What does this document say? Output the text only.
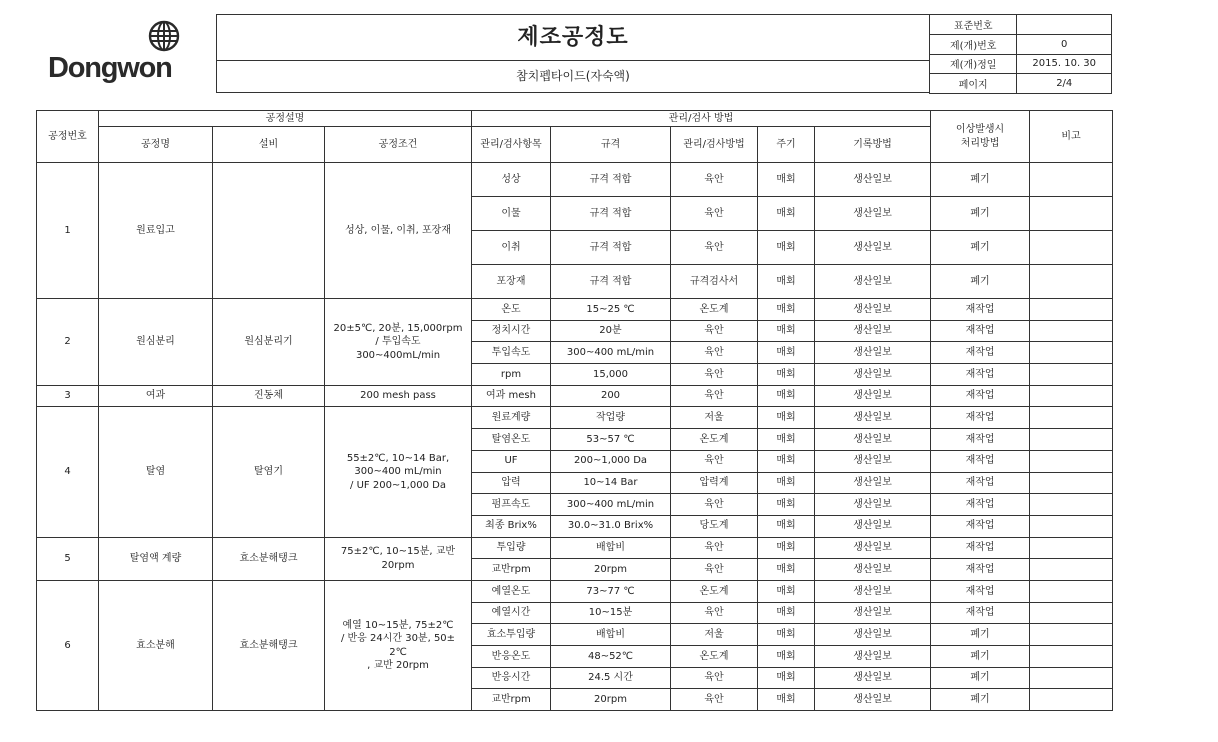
Dongwon
제조공정도
참치펩타이드(자숙액)
표준번호	
제(개)번호	0
제(개)정일	2015. 10. 30
페이지	2/4
공정번호	공정설명			관리/검사 방법					이상발생시
처리방법	비고
	공정명	설비	공정조건	관리/검사항목	규격	관리/검사방법	주기	기록방법		
1	원료입고		성상, 이물, 이취, 포장재	성상	규격 적합	육안	매회	생산일보	폐기	
				이물	규격 적합	육안	매회	생산일보	폐기	
				이취	규격 적합	육안	매회	생산일보	폐기	
				포장재	규격 적합	규격검사서	매회	생산일보	폐기	
2	원심분리	원심분리기	20±5℃, 20분, 15,000rpm
/ 투입속도
300~400mL/min	온도	15~25 ℃	온도계	매회	생산일보	재작업	
				정치시간	20분	육안	매회	생산일보	재작업	
				투입속도	300~400 mL/min	육안	매회	생산일보	재작업	
				rpm	15,000	육안	매회	생산일보	재작업	
3	여과	진동체	200 mesh pass	여과 mesh	200	육안	매회	생산일보	재작업	
4	탈염	탈염기	55±2℃, 10~14 Bar,
300~400 mL/min
/ UF 200~1,000 Da	원료계량	작업량	저울	매회	생산일보	재작업	
				탈염온도	53~57 ℃	온도계	매회	생산일보	재작업	
				UF	200~1,000 Da	육안	매회	생산일보	재작업	
				압력	10~14 Bar	압력계	매회	생산일보	재작업	
				펌프속도	300~400 mL/min	육안	매회	생산일보	재작업	
				최종 Brix%	30.0~31.0 Brix%	당도계	매회	생산일보	재작업	
5	탈염액 계량	효소분해탱크	75±2℃, 10~15분, 교반
20rpm	투입량	배합비	육안	매회	생산일보	재작업	
				교반rpm	20rpm	육안	매회	생산일보	재작업	
6	효소분해	효소분해탱크	예열 10~15분, 75±2℃
/ 반응 24시간 30분, 50±
2℃
, 교반 20rpm	예열온도	73~77 ℃	온도계	매회	생산일보	재작업	
				예열시간	10~15분	육안	매회	생산일보	재작업	
				효소투입량	배합비	저울	매회	생산일보	폐기	
				반응온도	48~52℃	온도계	매회	생산일보	폐기	
				반응시간	24.5 시간	육안	매회	생산일보	폐기	
				교반rpm	20rpm	육안	매회	생산일보	폐기	
